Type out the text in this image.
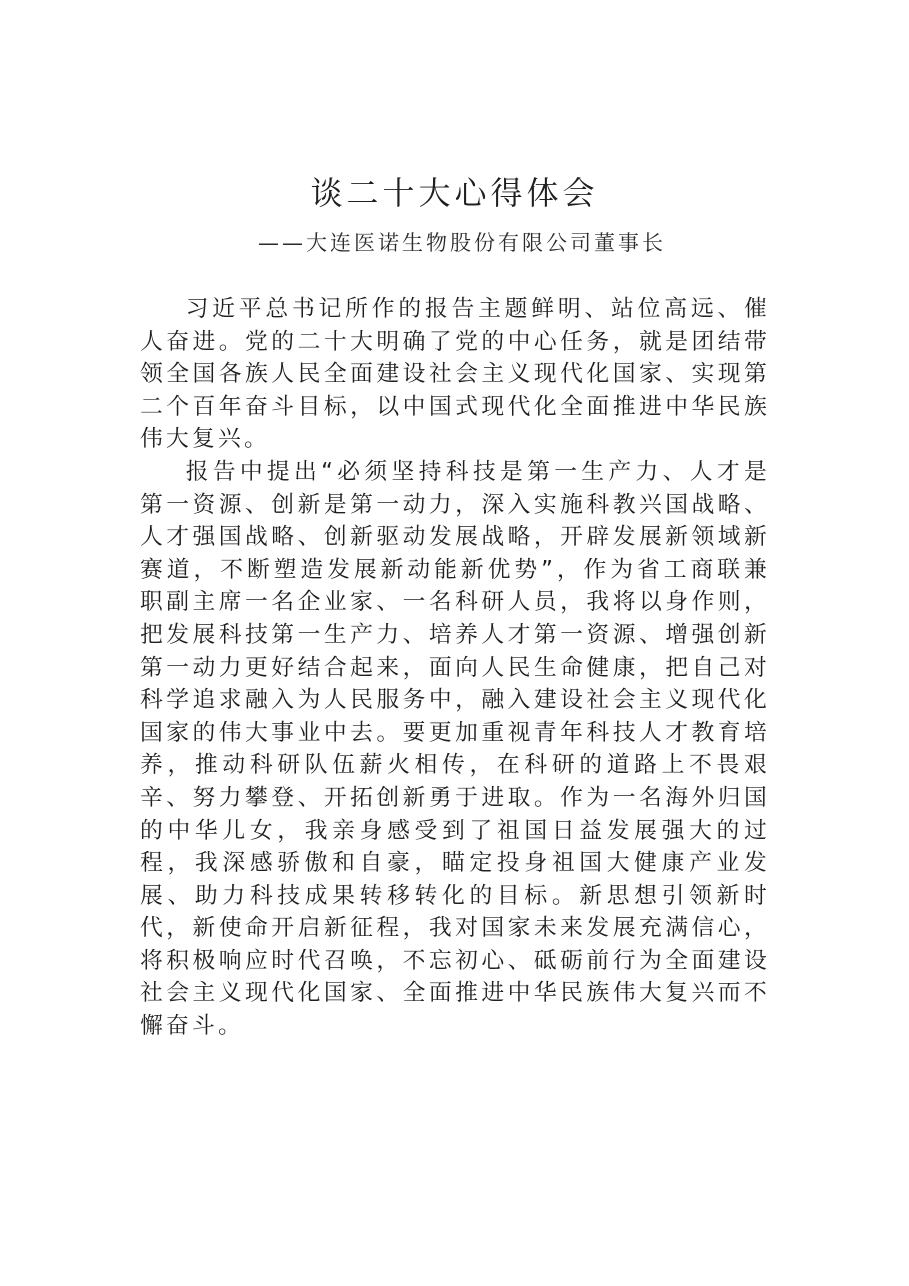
谈二十大心得体会
——大连医诺生物股份有限公司董事长

习近平总书记所作的报告主题鲜明、站位高远、催人奋进。党的二十大明确了党的中心任务，就是团结带领全国各族人民全面建设社会主义现代化国家、实现第二个百年奋斗目标，以中国式现代化全面推进中华民族伟大复兴。

报告中提出“必须坚持科技是第一生产力、人才是第一资源、创新是第一动力，深入实施科教兴国战略、人才强国战略、创新驱动发展战略，开辟发展新领域新赛道，不断塑造发展新动能新优势”，作为省工商联兼职副主席一名企业家、一名科研人员，我将以身作则，把发展科技第一生产力、培养人才第一资源、增强创新第一动力更好结合起来，面向人民生命健康，把自己对科学追求融入为人民服务中，融入建设社会主义现代化国家的伟大事业中去。要更加重视青年科技人才教育培养，推动科研队伍薪火相传，在科研的道路上不畏艰辛、努力攀登、开拓创新勇于进取。作为一名海外归国的中华儿女，我亲身感受到了祖国日益发展强大的过程，我深感骄傲和自豪，瞄定投身祖国大健康产业发展、助力科技成果转移转化的目标。新思想引领新时代，新使命开启新征程，我对国家未来发展充满信心，将积极响应时代召唤，不忘初心、砥砺前行为全面建设社会主义现代化国家、全面推进中华民族伟大复兴而不懈奋斗。
